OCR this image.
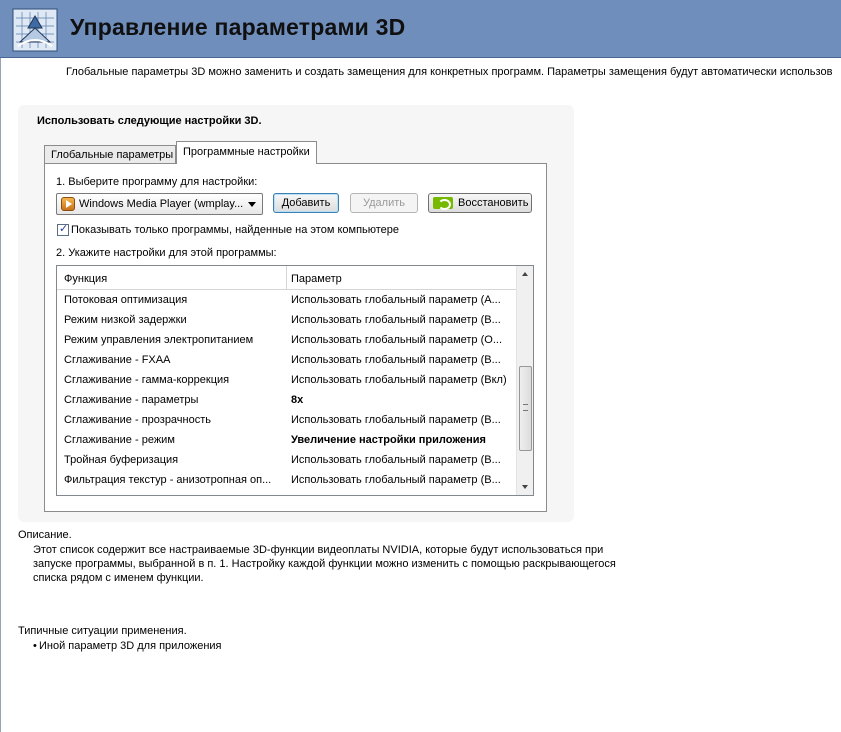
Управление параметрами 3D
Глобальные параметры 3D можно заменить и создать замещения для конкретных программ. Параметры замещения будут автоматически использов
Использовать следующие настройки 3D.
Глобальные параметры Программные настройки
1. Выберите программу для настройки:
Windows Media Player (wmplay...	Добавить	Удалить	Восстановить
✓
Показывать только программы, найденные на этом компьютере
2. Укажите настройки для этой программы:
Функция	Параметр
Потоковая оптимизация	Использовать глобальный параметр (А...
Режим низкой задержки	Использовать глобальный параметр (В...
Режим управления электропитанием	Использовать глобальный параметр (О...
Сглаживание - FXAA	Использовать глобальный параметр (В...
Сглаживание - гамма-коррекция	Использовать глобальный параметр (Вкл)
Сглаживание - параметры	8x
Сглаживание - прозрачность	Использовать глобальный параметр (В...
Сглаживание - режим	Увеличение настройки приложения
Тройная буферизация	Использовать глобальный параметр (В...
Фильтрация текстур - анизотропная оп...	Использовать глобальный параметр (В...
Описание.
Этот список содержит все настраиваемые 3D-функции видеоплаты NVIDIA, которые будут использоваться при запуске программы, выбранной в п. 1. Настройку каждой функции можно изменить с помощью раскрывающегося списка рядом с именем функции.
Типичные ситуации применения.
• Иной параметр 3D для приложения
